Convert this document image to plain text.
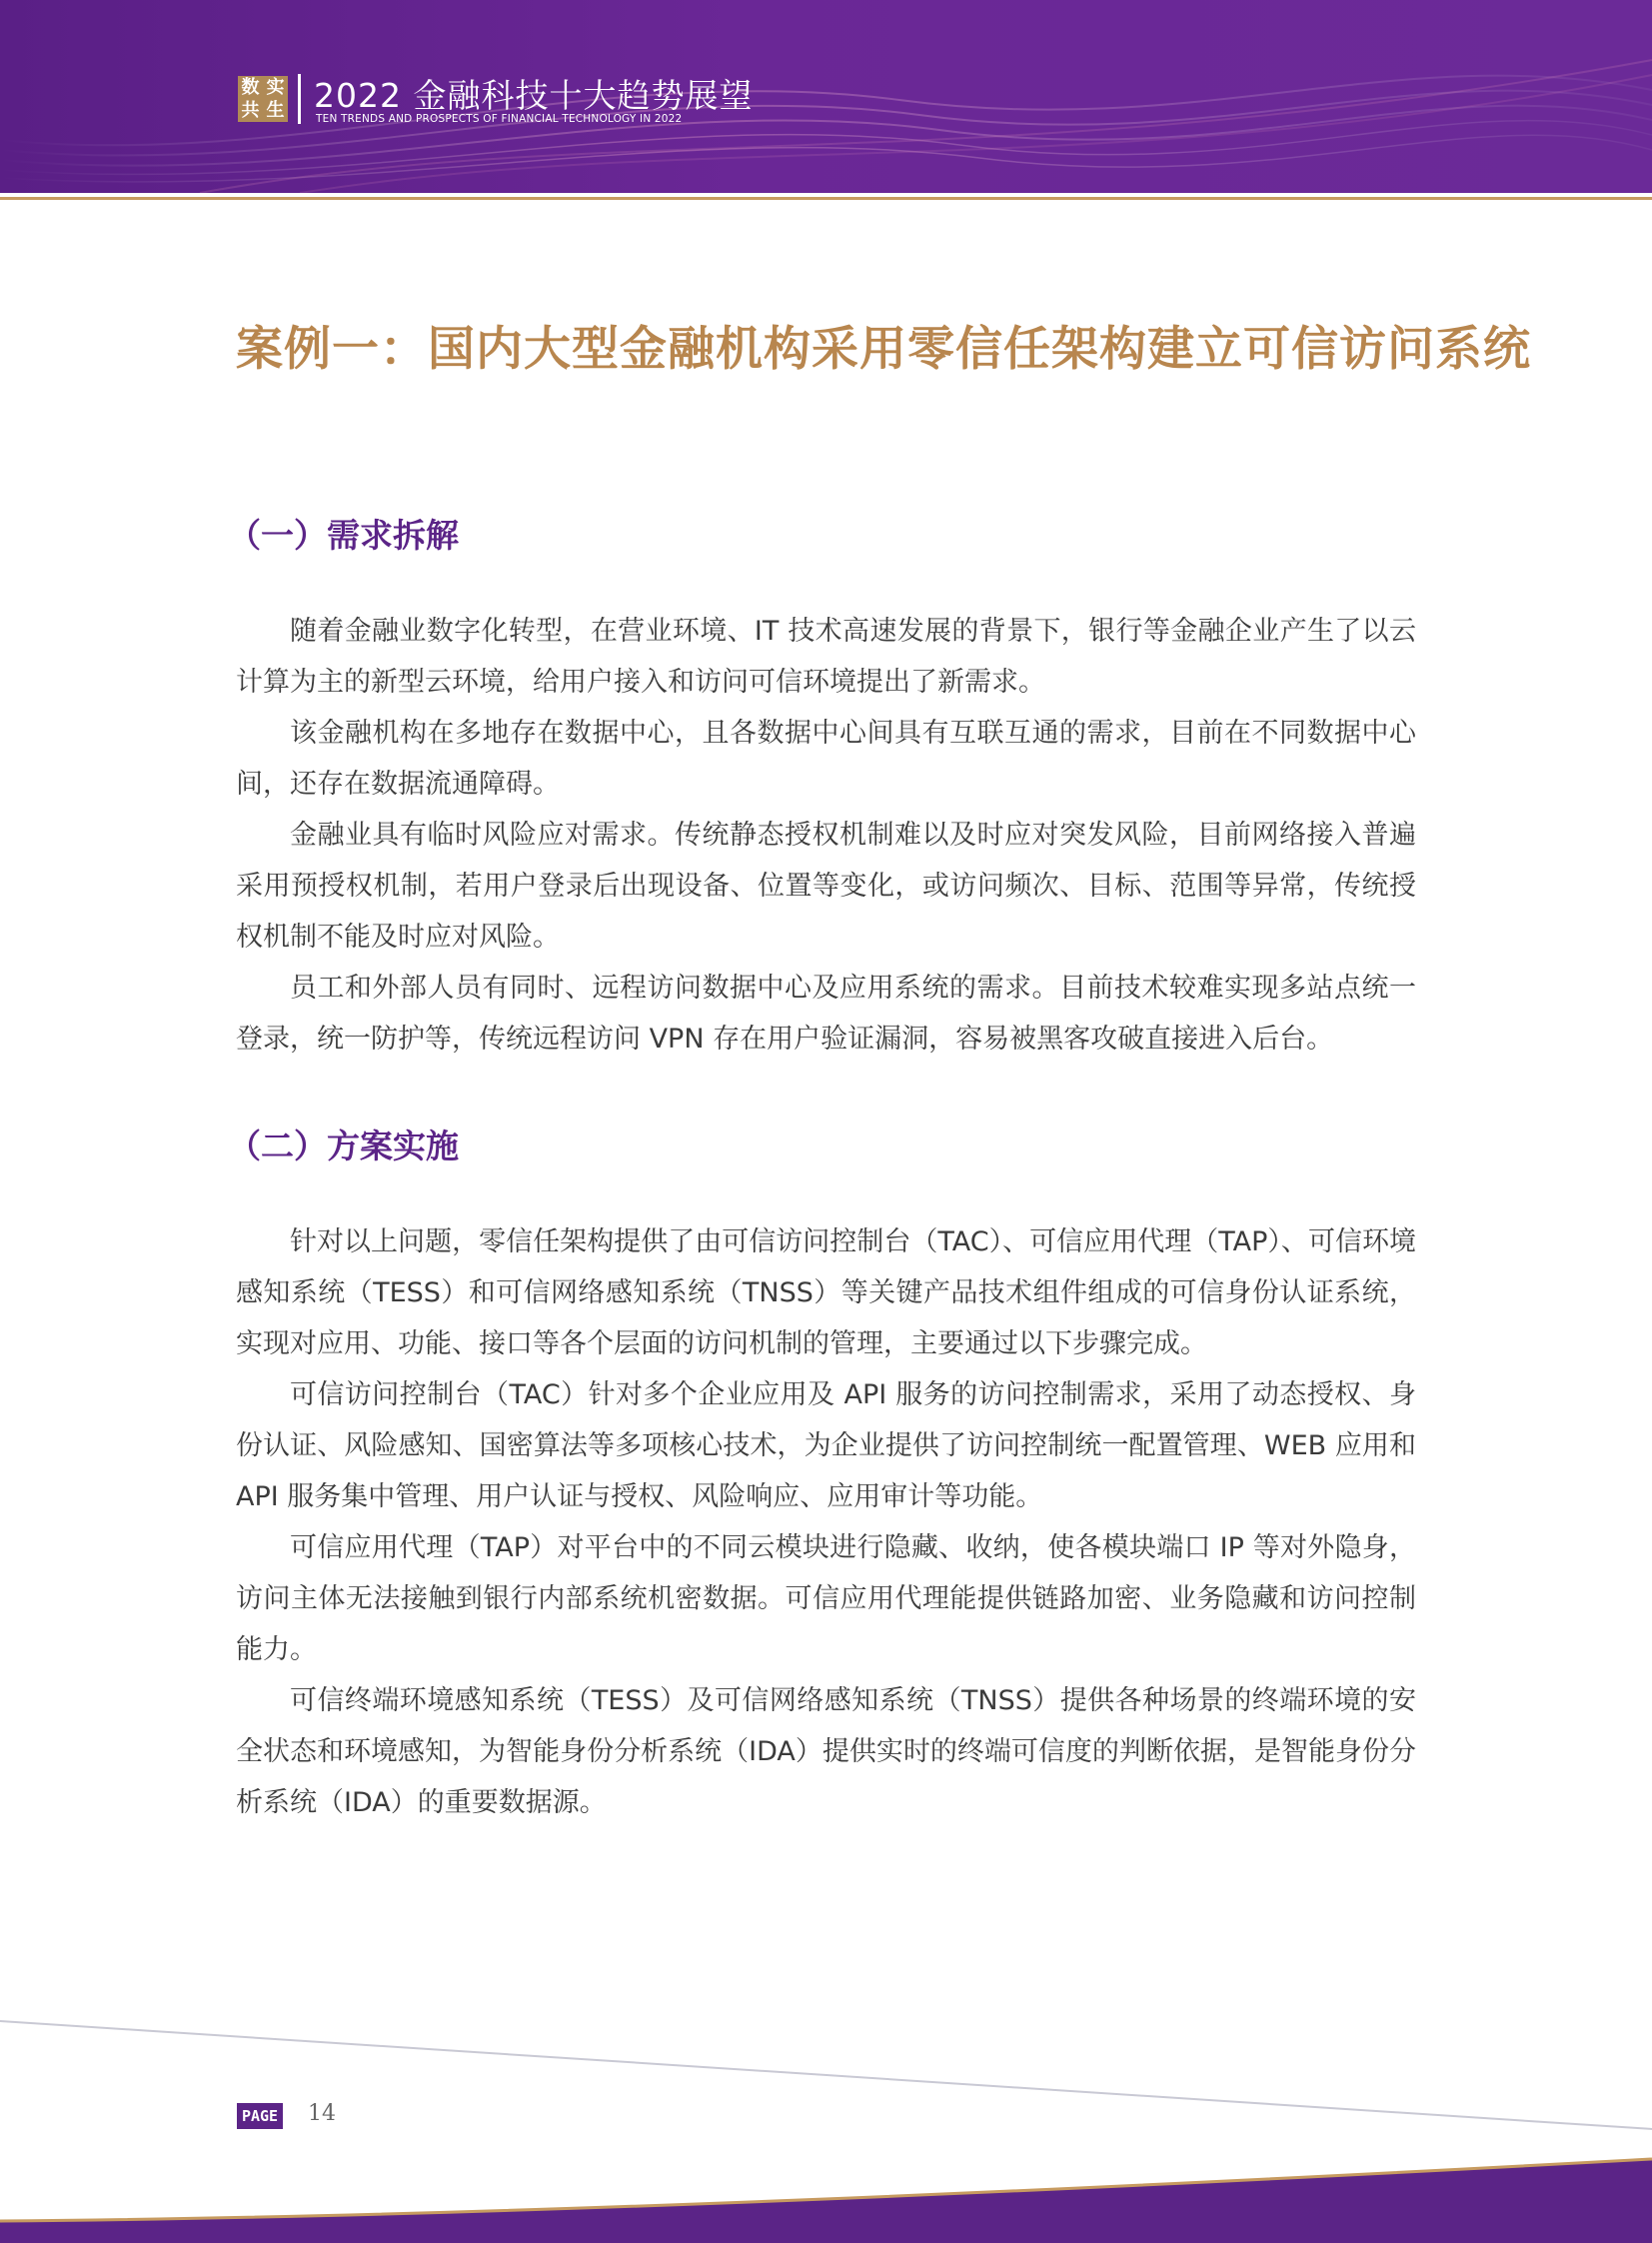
数 实
共 生 2022 金融科技十大趋势展望
TEN TRENDS AND PROSPECTS OF FINANCIAL TECHNOLOGY IN 2022
案例一：国内大型金融机构采用零信任架构建立可信访问系统
（一）需求拆解

随着金融业数字化转型，在营业环境、IT 技术高速发展的背景下，银行等金融企业产生了以云计算为主的新型云环境，给用户接入和访问可信环境提出了新需求。

该金融机构在多地存在数据中心，且各数据中心间具有互联互通的需求，目前在不同数据中心间，还存在数据流通障碍。

金融业具有临时风险应对需求。传统静态授权机制难以及时应对突发风险，目前网络接入普遍采用预授权机制，若用户登录后出现设备、位置等变化，或访问频次、目标、范围等异常，传统授权机制不能及时应对风险。

员工和外部人员有同时、远程访问数据中心及应用系统的需求。目前技术较难实现多站点统一登录，统一防护等，传统远程访问 VPN 存在用户验证漏洞，容易被黑客攻破直接进入后台。

（二）方案实施

针对以上问题，零信任架构提供了由可信访问控制台（TAC）、可信应用代理（TAP）、可信环境感知系统（TESS）和可信网络感知系统（TNSS）等关键产品技术组件组成的可信身份认证系统，实现对应用、功能、接口等各个层面的访问机制的管理，主要通过以下步骤完成。

可信访问控制台（TAC）针对多个企业应用及 API 服务的访问控制需求，采用了动态授权、身份认证、风险感知、国密算法等多项核心技术，为企业提供了访问控制统一配置管理、WEB 应用和 API 服务集中管理、用户认证与授权、风险响应、应用审计等功能。

可信应用代理（TAP）对平台中的不同云模块进行隐藏、收纳，使各模块端口 IP 等对外隐身，访问主体无法接触到银行内部系统机密数据。可信应用代理能提供链路加密、业务隐藏和访问控制能力。

可信终端环境感知系统（TESS）及可信网络感知系统（TNSS）提供各种场景的终端环境的安全状态和环境感知，为智能身份分析系统（IDA）提供实时的终端可信度的判断依据，是智能身份分析系统（IDA）的重要数据源。

PAGE 14
